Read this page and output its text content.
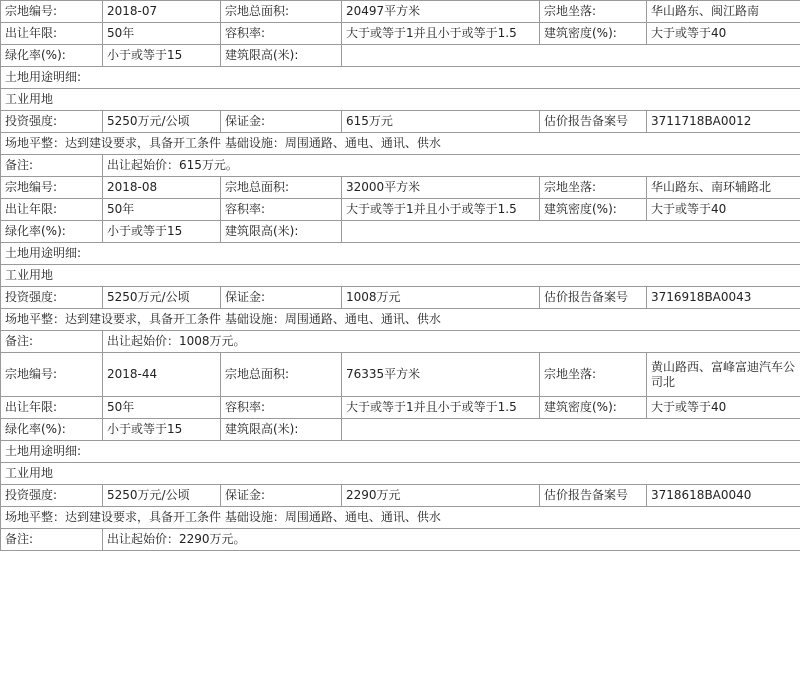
宗地编号:	2018-07	宗地总面积:	20497平方米	宗地坐落:	华山路东、闽江路南
出让年限:	50年	容积率:	大于或等于1并且小于或等于1.5	建筑密度(%):	大于或等于40
绿化率(%):	小于或等于15	建筑限高(米):			
土地用途明细:					
工业用地					
投资强度:	5250万元/公顷	保证金:	615万元	估价报告备案号	3711718BA0012
场地平整：达到建设要求，具备开工条件 基础设施：周围通路、通电、通讯、供水					
备注:	出让起始价：615万元。				
宗地编号:	2018-08	宗地总面积:	32000平方米	宗地坐落:	华山路东、南环辅路北
出让年限:	50年	容积率:	大于或等于1并且小于或等于1.5	建筑密度(%):	大于或等于40
绿化率(%):	小于或等于15	建筑限高(米):			
土地用途明细:					
工业用地					
投资强度:	5250万元/公顷	保证金:	1008万元	估价报告备案号	3716918BA0043
场地平整：达到建设要求，具备开工条件 基础设施：周围通路、通电、通讯、供水					
备注:	出让起始价：1008万元。				
宗地编号:	2018-44	宗地总面积:	76335平方米	宗地坐落:	黄山路西、富峰富迪汽车公司北
出让年限:	50年	容积率:	大于或等于1并且小于或等于1.5	建筑密度(%):	大于或等于40
绿化率(%):	小于或等于15	建筑限高(米):			
土地用途明细:					
工业用地					
投资强度:	5250万元/公顷	保证金:	2290万元	估价报告备案号	3718618BA0040
场地平整：达到建设要求，具备开工条件 基础设施：周围通路、通电、通讯、供水					
备注:	出让起始价：2290万元。				
